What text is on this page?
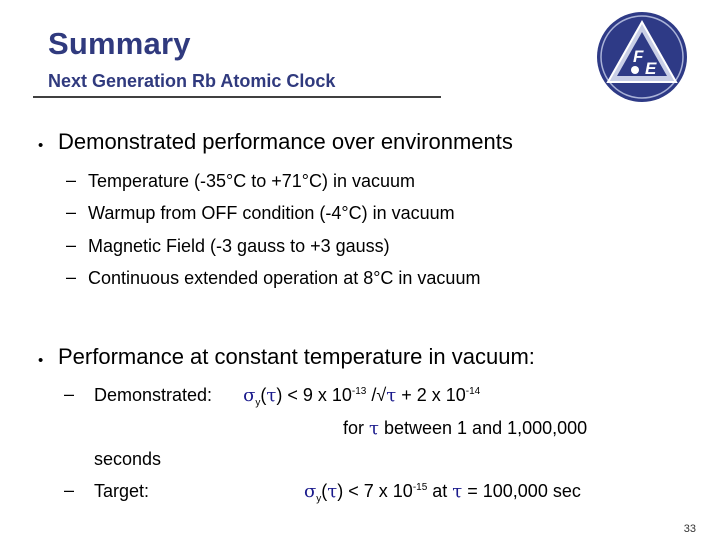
Summary
Next Generation Rb Atomic Clock
F
E
• Demonstrated performance over environments
– Temperature (-35°C to +71°C) in vacuum
– Warmup from OFF condition (-4°C) in vacuum
– Magnetic Field (-3 gauss to +3 gauss)
– Continuous extended operation at 8°C in vacuum
• Performance at constant temperature in vacuum:
– Demonstrated: $\sigma_y(\tau) < 9$ x $10^{-13}$ /√τ + 2 x $10^{-14}$
for τ between 1 and 1,000,000
seconds
– Target:	$\sigma_y(\tau) < 7$ x $10^{-15}$ at τ = 100,000 sec
33
